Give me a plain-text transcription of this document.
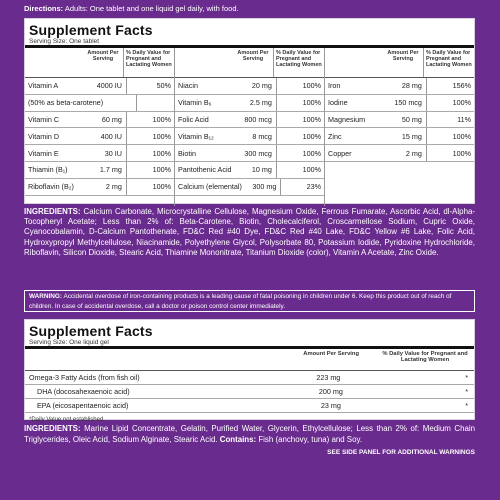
Directions: Adults: One tablet and one liquid gel daily, with food.
Supplement Facts
Serving Size: One tablet
Amount Per Serving
% Daily Value for Pregnant and Lactating Women
Vitamin A	4000 IU	50%
(50% as beta-carotene)
Vitamin C	60 mg	100%
Vitamin D	400 IU	100%
Vitamin E	30 IU	100%
Thiamin (B₁)	1.7 mg	100%
Riboflavin (B₂)	2 mg	100%
Amount Per Serving
% Daily Value for Pregnant and Lactating Women
Niacin	20 mg	100%
Vitamin B₆	2.5 mg	100%
Folic Acid	800 mcg	100%
Vitamin B₁₂	8 mcg	100%
Biotin	300 mcg	100%
Pantothenic Acid	10 mg	100%
Calcium (elemental)	300 mg	23%
Amount Per Serving
% Daily Value for Pregnant and Lactating Women
Iron	28 mg	156%
Iodine	150 mcg	100%
Magnesium	50 mg	11%
Zinc	15 mg	100%
Copper	2 mg	100%
INGREDIENTS: Calcium Carbonate, Microcrystalline Cellulose, Magnesium Oxide, Ferrous Fumarate, Ascorbic Acid, dl-Alpha-Tocopheryl Acetate; Less than 2% of: Beta-Carotene, Biotin, Cholecalciferol, Croscarmellose Sodium, Cupric Oxide, Cyanocobalamin, D-Calcium Pantothenate, FD&C Red #40 Dye, FD&C Red #40 Lake, FD&C Yellow #6 Lake, Folic Acid, Hydroxypropyl Methylcellulose, Niacinamide, Polyethylene Glycol, Polysorbate 80, Potassium Iodide, Pyridoxine Hydrochloride, Riboflavin, Silicon Dioxide, Stearic Acid, Thiamine Mononitrate, Titanium Dioxide (color), Vitamin A Acetate, Zinc Oxide.
WARNING: Accidental overdose of iron-containing products is a leading cause of fatal poisoning in children under 6. Keep this product out of reach of children. In case of accidental overdose, call a doctor or poison control center immediately.
Supplement Facts
Serving Size: One liquid gel
Amount Per Serving	% Daily Value for Pregnant and Lactating Women
Omega-3 Fatty Acids (from fish oil)	223 mg	*
DHA (docosahexaenoic acid)	200 mg	*
EPA (eicosapentaenoic acid)	23 mg	*
*Daily Value not established.
INGREDIENTS: Marine Lipid Concentrate, Gelatin, Purified Water, Glycerin, Ethylcellulose; Less than 2% of: Medium Chain Triglycerides, Oleic Acid, Sodium Alginate, Stearic Acid. Contains: Fish (anchovy, tuna) and Soy.
SEE SIDE PANEL FOR ADDITIONAL WARNINGS
